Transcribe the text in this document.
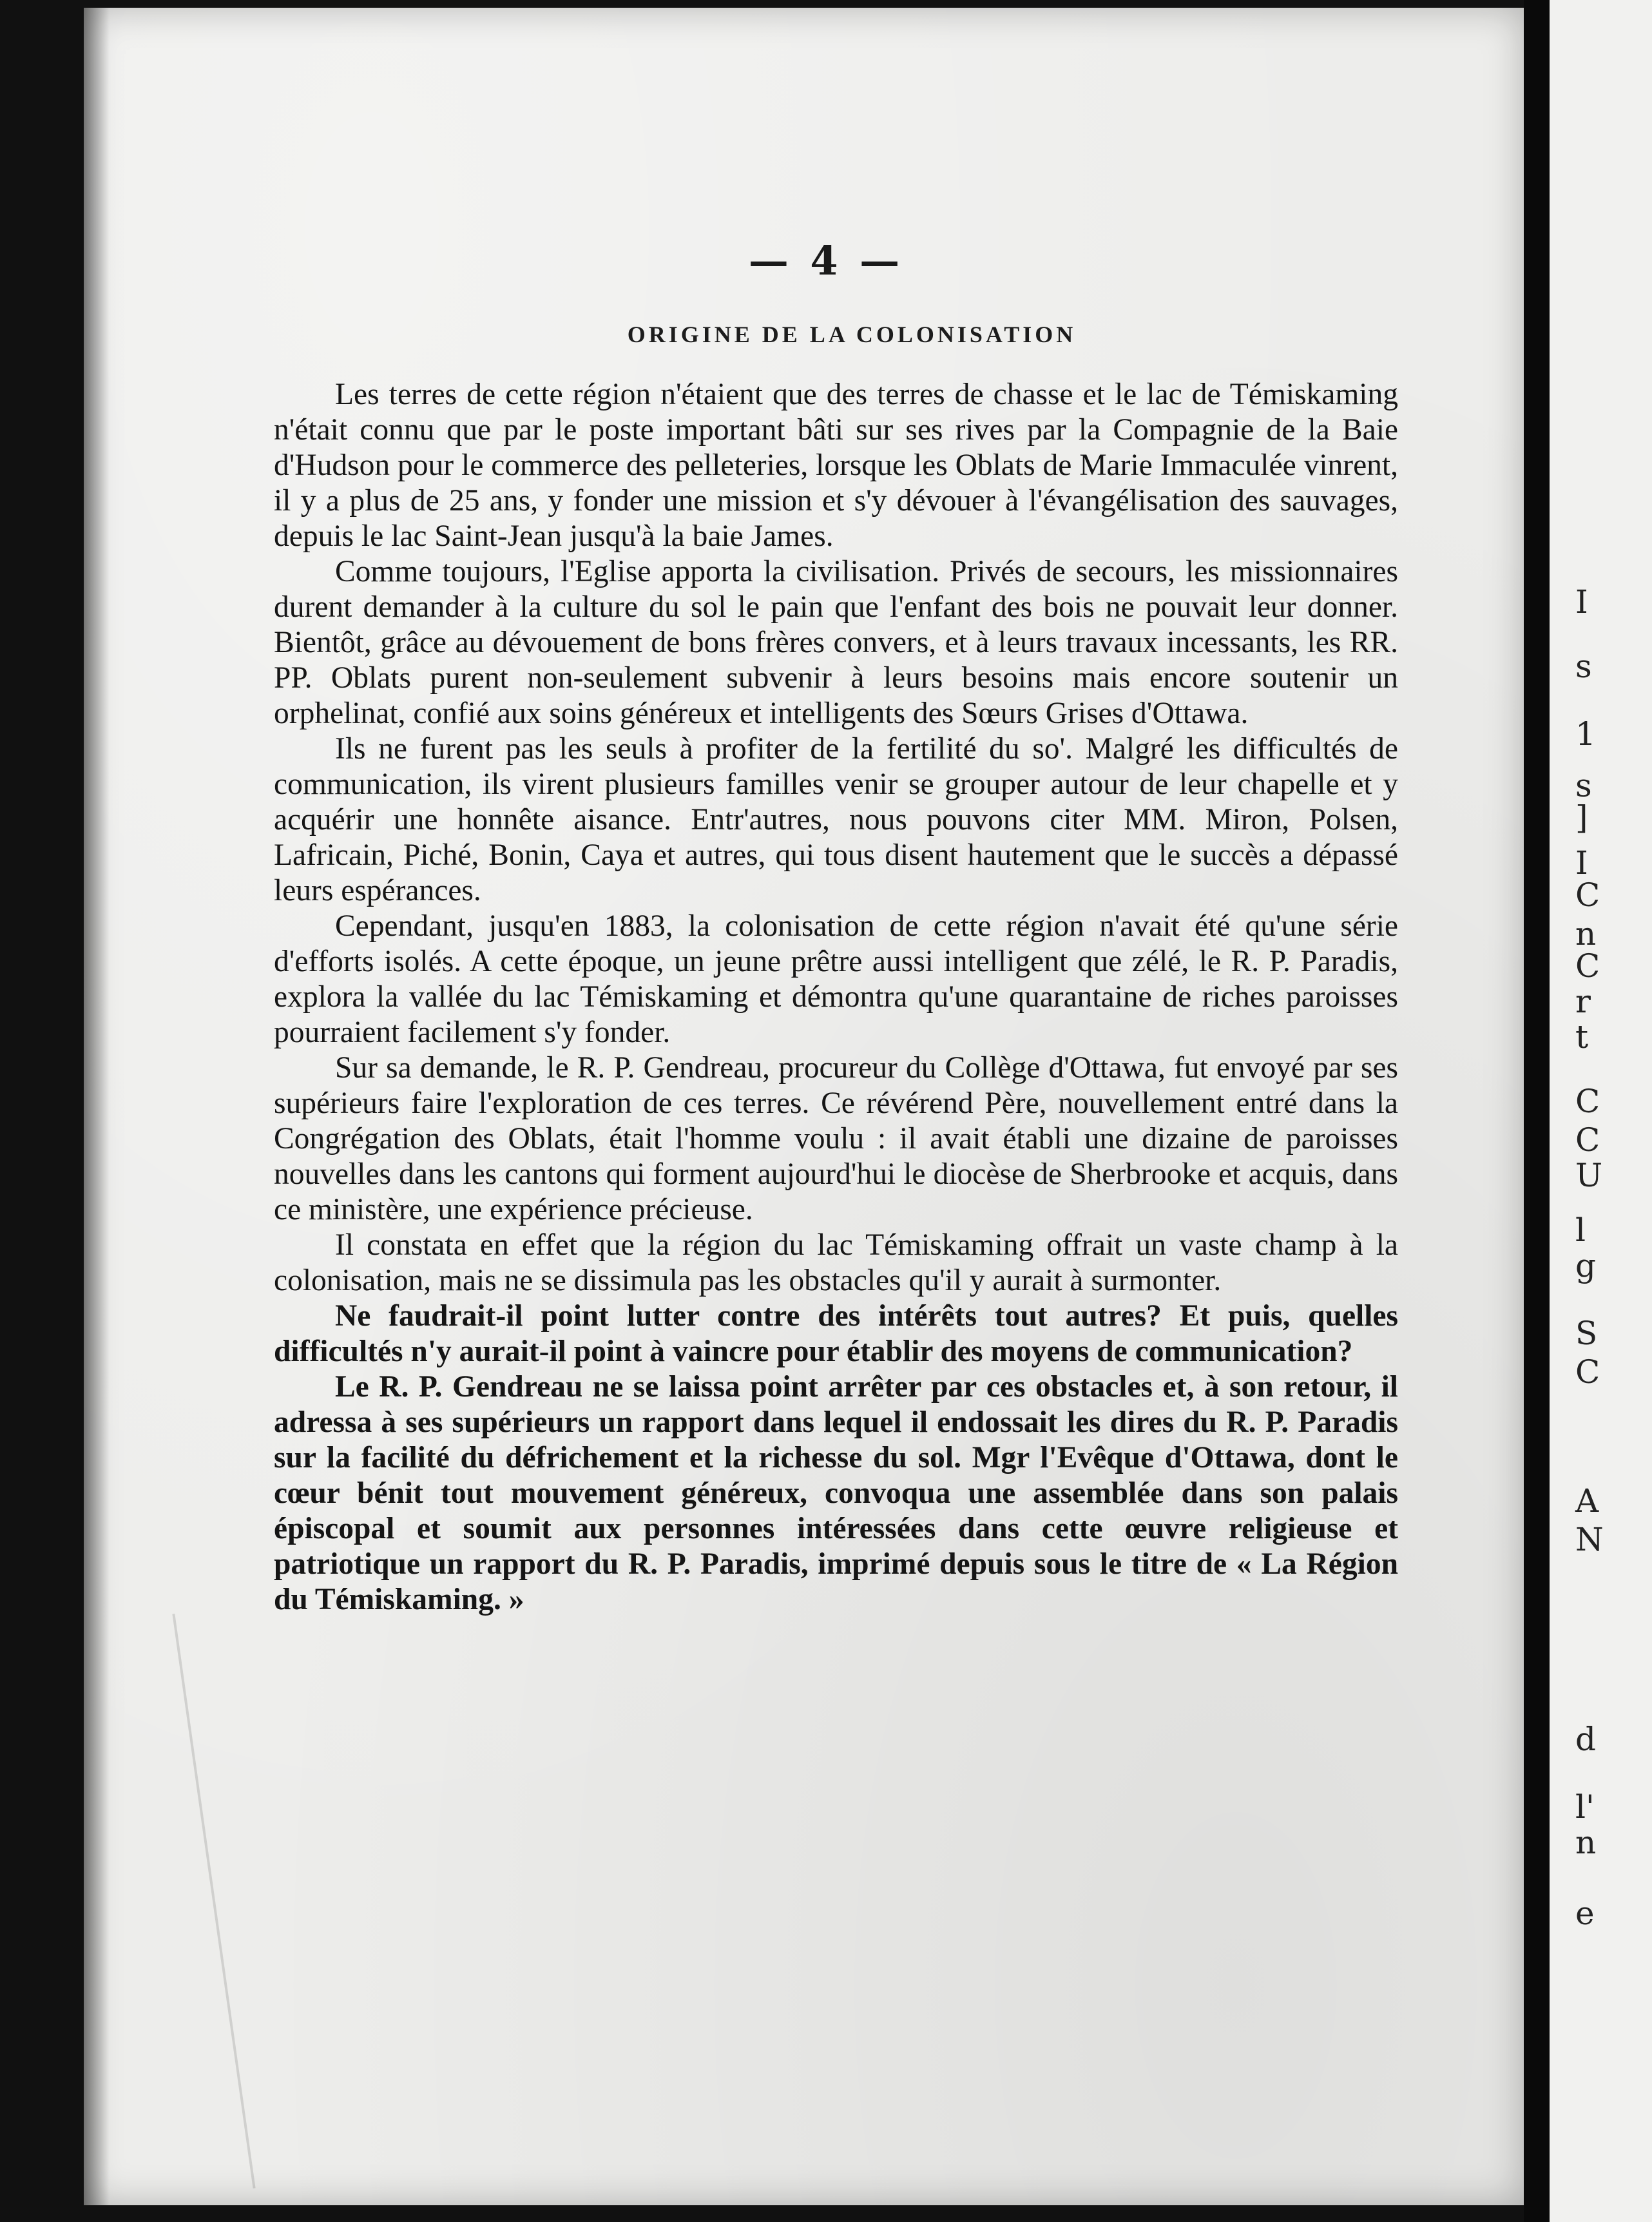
I
s
1
s
]
I
C
n
C
r
t
C
C
U
l
g
S
C
A
N
d
l'
n
e
— 4 —
ORIGINE DE LA COLONISATION

Les terres de cette région n'étaient que des terres de chasse et le lac de Témiskaming n'était connu que par le poste important bâti sur ses rives par la Compagnie de la Baie d'Hudson pour le commerce des pelleteries, lorsque les Oblats de Marie Immaculée vinrent, il y a plus de 25 ans, y fonder une mission et s'y dévouer à l'évangélisation des sauvages, depuis le lac Saint-Jean jusqu'à la baie James.

Comme toujours, l'Eglise apporta la civilisation. Privés de secours, les missionnaires durent demander à la culture du sol le pain que l'enfant des bois ne pouvait leur donner. Bientôt, grâce au dévouement de bons frères convers, et à leurs travaux incessants, les RR. PP. Oblats purent non-seulement subvenir à leurs besoins mais encore soutenir un orphelinat, confié aux soins généreux et intelligents des Sœurs Grises d'Ottawa.

Ils ne furent pas les seuls à profiter de la fertilité du so'. Malgré les difficultés de communication, ils virent plusieurs familles venir se grouper autour de leur chapelle et y acquérir une honnête aisance. Entr'autres, nous pouvons citer MM. Miron, Polsen, Lafricain, Piché, Bonin, Caya et autres, qui tous disent hautement que le succès a dépassé leurs espérances.

Cependant, jusqu'en 1883, la colonisation de cette région n'avait été qu'une série d'efforts isolés. A cette époque, un jeune prêtre aussi intelligent que zélé, le R. P. Paradis, explora la vallée du lac Témiskaming et démontra qu'une quarantaine de riches paroisses pourraient facilement s'y fonder.

Sur sa demande, le R. P. Gendreau, procureur du Collège d'Ottawa, fut envoyé par ses supérieurs faire l'exploration de ces terres. Ce révérend Père, nouvellement entré dans la Congrégation des Oblats, était l'homme voulu : il avait établi une dizaine de paroisses nouvelles dans les cantons qui forment aujourd'hui le diocèse de Sherbrooke et acquis, dans ce ministère, une expérience précieuse.

Il constata en effet que la région du lac Témiskaming offrait un vaste champ à la colonisation, mais ne se dissimula pas les obstacles qu'il y aurait à surmonter.

Ne faudrait-il point lutter contre des intérêts tout autres? Et puis, quelles difficultés n'y aurait-il point à vaincre pour établir des moyens de communication?

Le R. P. Gendreau ne se laissa point arrêter par ces obstacles et, à son retour, il adressa à ses supérieurs un rapport dans lequel il endossait les dires du R. P. Paradis sur la facilité du défrichement et la richesse du sol. Mgr l'Evêque d'Ottawa, dont le cœur bénit tout mouvement généreux, convoqua une assemblée dans son palais épiscopal et soumit aux personnes intéressées dans cette œuvre religieuse et patriotique un rapport du R. P. Paradis, imprimé depuis sous le titre de « La Région du Témiskaming. »
